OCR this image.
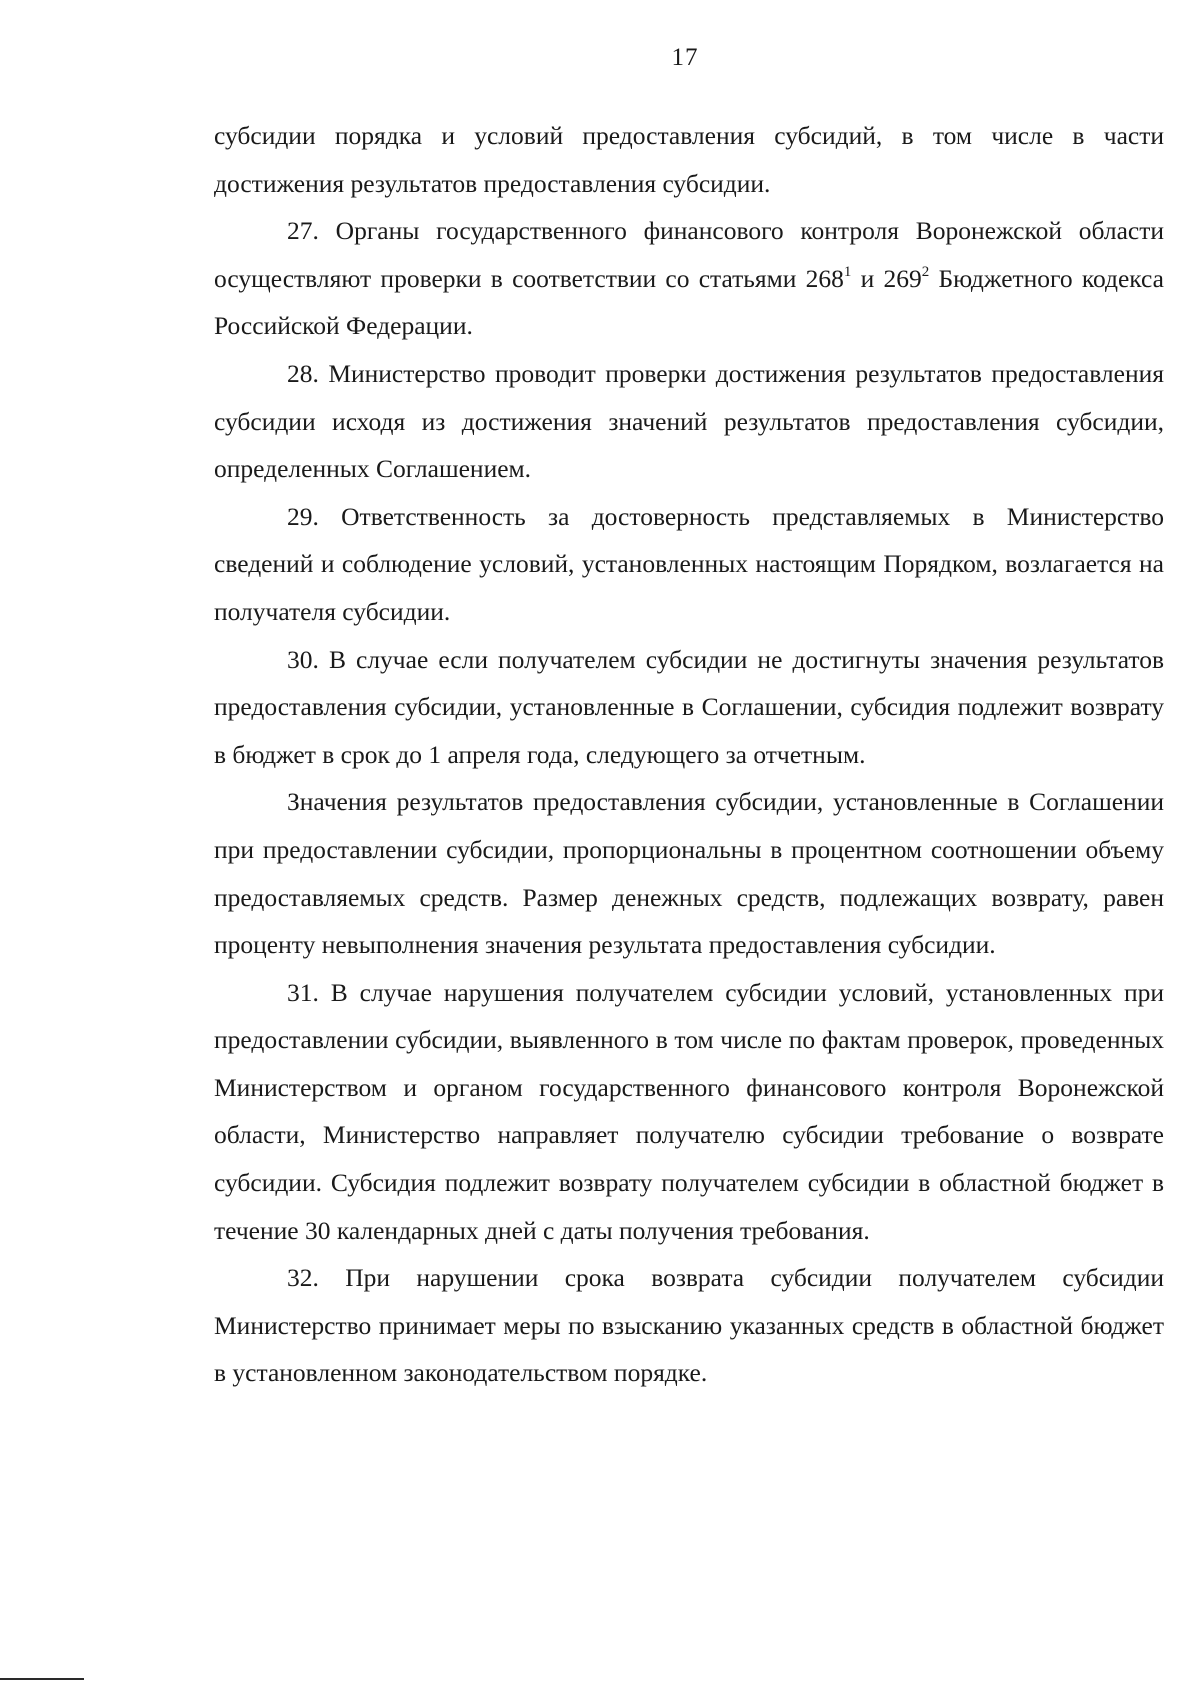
17

субсидии порядка и условий предоставления субсидий, в том числе в части достижения результатов предоставления субсидии.

27. Органы государственного финансового контроля Воронежской области осуществляют проверки в соответствии со статьями $268^1$ и $269^2$ Бюджетного кодекса Российской Федерации.

28. Министерство проводит проверки достижения результатов предоставления субсидии исходя из достижения значений результатов предоставления субсидии, определенных Соглашением.

29. Ответственность за достоверность представляемых в Министерство сведений и соблюдение условий, установленных настоящим Порядком, возлагается на получателя субсидии.

30. В случае если получателем субсидии не достигнуты значения результатов предоставления субсидии, установленные в Соглашении, субсидия подлежит возврату в бюджет в срок до 1 апреля года, следующего за отчетным.

Значения результатов предоставления субсидии, установленные в Соглашении при предоставлении субсидии, пропорциональны в процентном соотношении объему предоставляемых средств. Размер денежных средств, подлежащих возврату, равен проценту невыполнения значения результата предоставления субсидии.

31. В случае нарушения получателем субсидии условий, установленных при предоставлении субсидии, выявленного в том числе по фактам проверок, проведенных Министерством и органом государственного финансового контроля Воронежской области, Министерство направляет получателю субсидии требование о возврате субсидии. Субсидия подлежит возврату получателем субсидии в областной бюджет в течение 30 календарных дней с даты получения требования.

32. При нарушении срока возврата субсидии получателем субсидии Министерство принимает меры по взысканию указанных средств в областной бюджет в установленном законодательством порядке.
